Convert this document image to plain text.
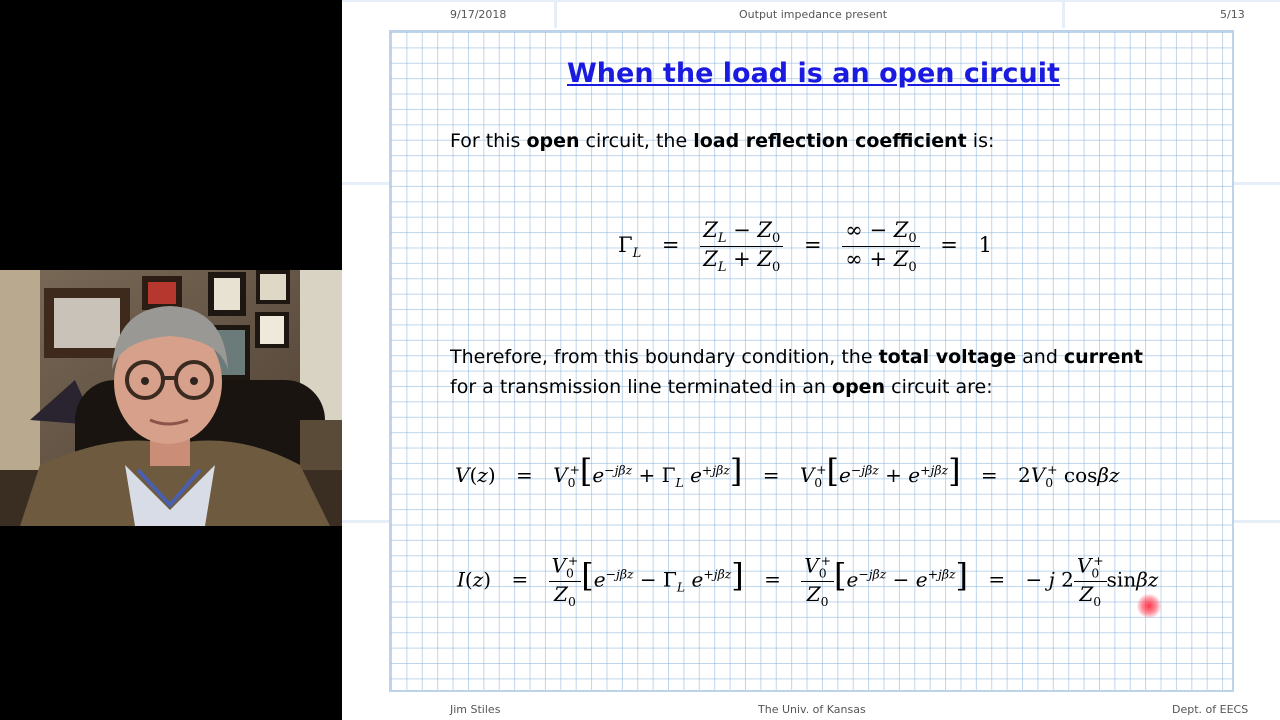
9/17/2018	Output impedance present	5/13
When the load is an open circuit
For this open circuit, the load reflection coefficient is:
$\Gamma_L = \frac{Z_L - Z_0}{Z_L + Z_0} = \frac{\infty - Z_0}{\infty + Z_0} = 1$
Therefore, from this boundary condition, the total voltage and current
for a transmission line terminated in an open circuit are:
$V(z) = V_0^+[e^{-j\beta z} + \Gamma_L$ $e^{+j\beta z}] = V_0^+[e^{-j\beta z} + e^{+j\beta z}] = 2V_0^+$ cosβz
$I(z) = \frac{V_0^+}{Z_0} [e^{-j\beta z} - \Gamma_L$ $e^{+j\beta z}] = \frac{V_0^+}{Z_0} [e^{-j\beta z} - e^{+j\beta z}]$ = − j $2 \frac{V_0^+}{Z_0}$ sinβz
Jim Stiles	The Univ. of Kansas	Dept. of EECS
